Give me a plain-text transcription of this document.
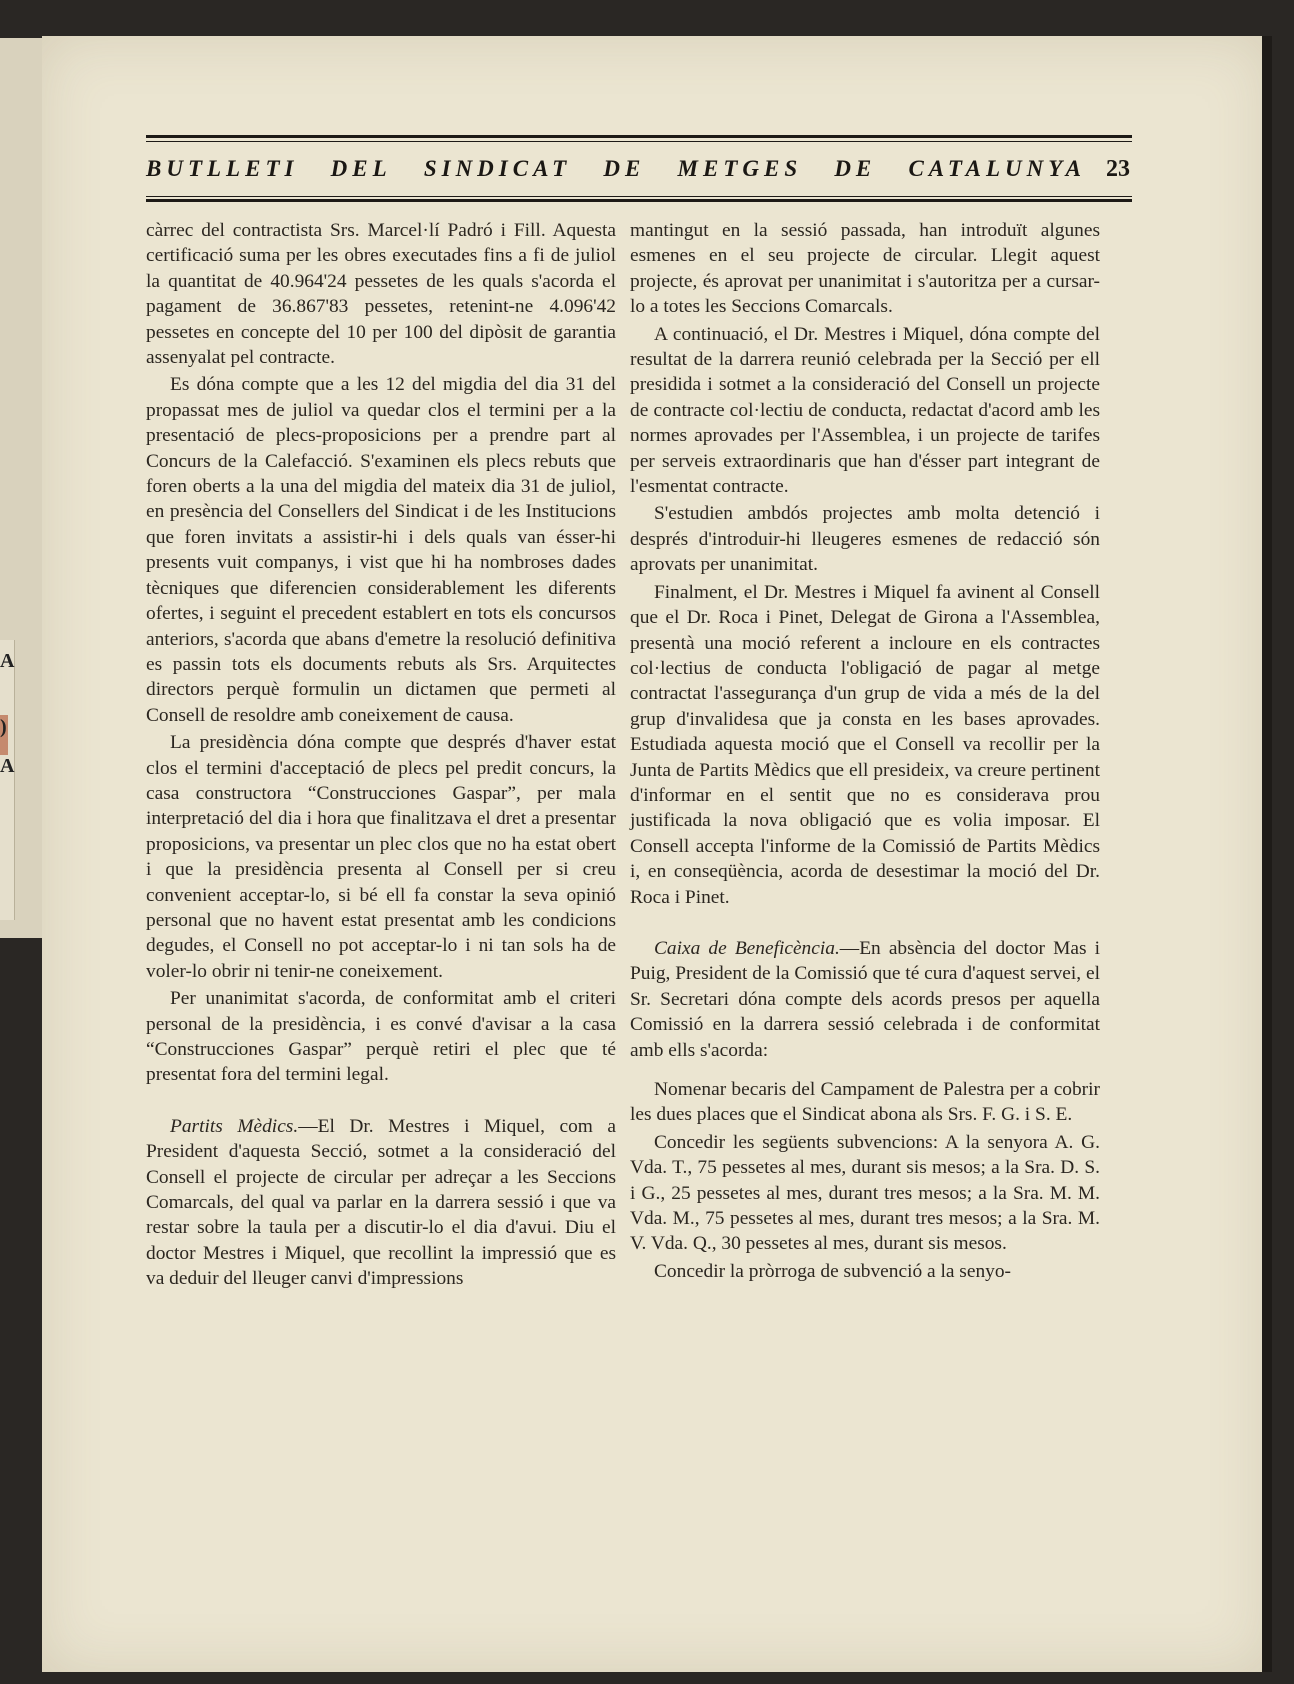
A
)
A
BUTLLETI DEL SINDICAT DE METGES DE CATALUNYA 23

càrrec del contractista Srs. Marcel·lí Padró i Fill. Aquesta certificació suma per les obres executades fins a fi de juliol la quantitat de 40.964'24 pessetes de les quals s'acorda el pagament de 36.867'83 pessetes, retenint-ne 4.096'42 pessetes en concepte del 10 per 100 del dipòsit de garantia assenyalat pel contracte.

Es dóna compte que a les 12 del migdia del dia 31 del propassat mes de juliol va quedar clos el termini per a la presentació de plecs-proposicions per a prendre part al Concurs de la Calefacció. S'examinen els plecs rebuts que foren oberts a la una del migdia del mateix dia 31 de juliol, en presència del Consellers del Sindicat i de les Institucions que foren invitats a assistir-hi i dels quals van ésser-hi presents vuit companys, i vist que hi ha nombroses dades tècniques que diferencien considerablement les diferents ofertes, i seguint el precedent establert en tots els concursos anteriors, s'acorda que abans d'emetre la resolució definitiva es passin tots els documents rebuts als Srs. Arquitectes directors perquè formulin un dictamen que permeti al Consell de resoldre amb coneixement de causa.

La presidència dóna compte que després d'haver estat clos el termini d'acceptació de plecs pel predit concurs, la casa constructora “Construcciones Gaspar”, per mala interpretació del dia i hora que finalitzava el dret a presentar proposicions, va presentar un plec clos que no ha estat obert i que la presidència presenta al Consell per si creu convenient acceptar-lo, si bé ell fa constar la seva opinió personal que no havent estat presentat amb les condicions degudes, el Consell no pot acceptar-lo i ni tan sols ha de voler-lo obrir ni tenir-ne coneixement.

Per unanimitat s'acorda, de conformitat amb el criteri personal de la presidència, i es convé d'avisar a la casa “Construcciones Gaspar” perquè retiri el plec que té presentat fora del termini legal.

Partits Mèdics.—El Dr. Mestres i Miquel, com a President d'aquesta Secció, sotmet a la consideració del Consell el projecte de circular per adreçar a les Seccions Comarcals, del qual va parlar en la darrera sessió i que va restar sobre la taula per a discutir-lo el dia d'avui. Diu el doctor Mestres i Miquel, que recollint la impressió que es va deduir del lleuger canvi d'impressions

mantingut en la sessió passada, han introduït algunes esmenes en el seu projecte de circular. Llegit aquest projecte, és aprovat per unanimitat i s'autoritza per a cursar-lo a totes les Seccions Comarcals.

A continuació, el Dr. Mestres i Miquel, dóna compte del resultat de la darrera reunió celebrada per la Secció per ell presidida i sotmet a la consideració del Consell un projecte de contracte col·lectiu de conducta, redactat d'acord amb les normes aprovades per l'Assemblea, i un projecte de tarifes per serveis extraordinaris que han d'ésser part integrant de l'esmentat contracte.

S'estudien ambdós projectes amb molta detenció i després d'introduir-hi lleugeres esmenes de redacció són aprovats per unanimitat.

Finalment, el Dr. Mestres i Miquel fa avinent al Consell que el Dr. Roca i Pinet, Delegat de Girona a l'Assemblea, presentà una moció referent a incloure en els contractes col·lectius de conducta l'obligació de pagar al metge contractat l'assegurança d'un grup de vida a més de la del grup d'invalidesa que ja consta en les bases aprovades. Estudiada aquesta moció que el Consell va recollir per la Junta de Partits Mèdics que ell presideix, va creure pertinent d'informar en el sentit que no es considerava prou justificada la nova obligació que es volia imposar. El Consell accepta l'informe de la Comissió de Partits Mèdics i, en conseqüència, acorda de desestimar la moció del Dr. Roca i Pinet.

Caixa de Beneficència.—En absència del doctor Mas i Puig, President de la Comissió que té cura d'aquest servei, el Sr. Secretari dóna compte dels acords presos per aquella Comissió en la darrera sessió celebrada i de conformitat amb ells s'acorda:

Nomenar becaris del Campament de Palestra per a cobrir les dues places que el Sindicat abona als Srs. F. G. i S. E.

Concedir les següents subvencions: A la senyora A. G. Vda. T., 75 pessetes al mes, durant sis mesos; a la Sra. D. S. i G., 25 pessetes al mes, durant tres mesos; a la Sra. M. M. Vda. M., 75 pessetes al mes, durant tres mesos; a la Sra. M. V. Vda. Q., 30 pessetes al mes, durant sis mesos.

Concedir la pròrroga de subvenció a la senyo-
